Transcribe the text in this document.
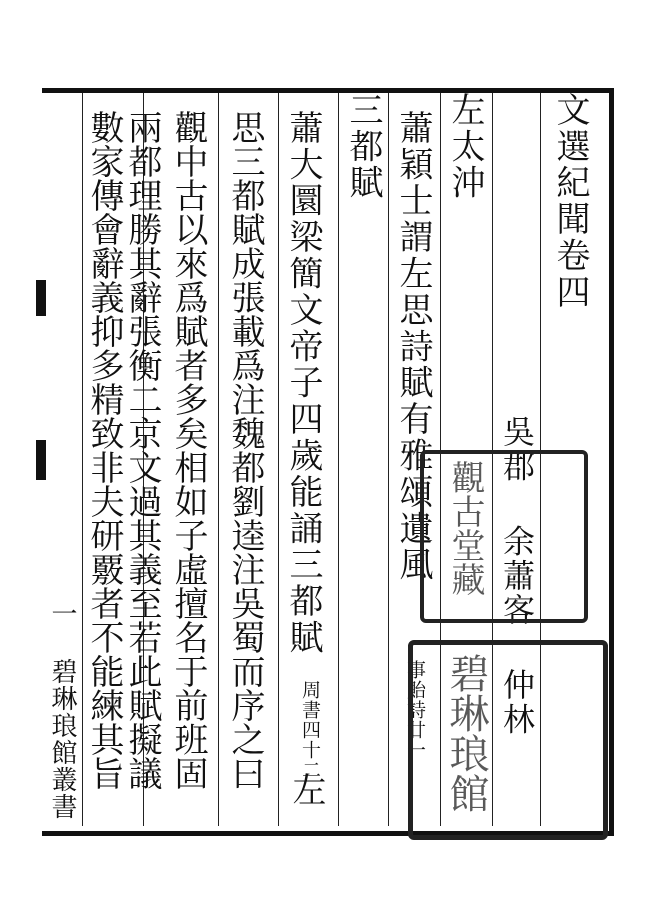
文選紀聞卷四
吳郡 余蕭客 仲林
左太沖
蕭穎士謂左思詩賦有雅頌遺風
事貽詩廿一
三都賦
蕭大圜梁簡文帝子四歲能誦三都賦
周書四十二
左
思三都賦成張載爲注魏都劉逵注吳蜀而序之曰
觀中古以來爲賦者多矣相如子虛擅名于前班固
兩都理勝其辭張衡二京文過其義至若此賦擬議
數家傳會辭義抑多精致非夫研覈者不能練其旨	觀古堂藏
碧琳琅館
一 碧琳琅館叢書
